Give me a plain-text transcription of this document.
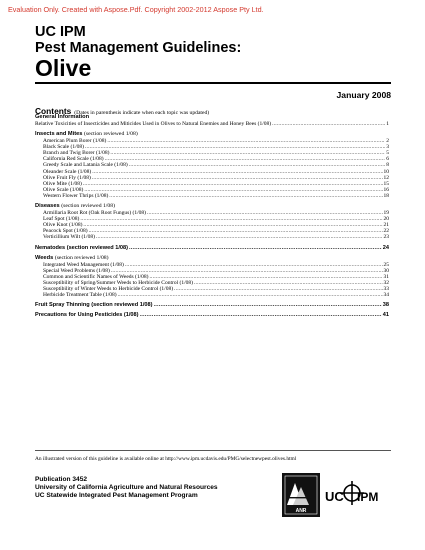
Evaluation Only. Created with Aspose.Pdf. Copyright 2002-2012 Aspose Pty Ltd.
UC IPM
Pest Management Guidelines:
Olive
January 2008
Contents (Dates in parenthesis indicate when each topic was updated)
General Information
Relative Toxicities of Insecticides and Miticides Used in Olives to Natural Enemies and Honey Bees (1/08) .....	1
Insects and Mites (section reviewed 1/08)
American Plum Borer (1/08) .....	2
Black Scale (1/08) .....	3
Branch and Twig Borer (1/08) .....	5
California Red Scale (1/08) .....	6
Greedy Scale and Latania Scale (1/08) .....	8
Oleander Scale (1/08) .....	10
Olive Fruit Fly (1/08) .....	12
Olive Mite (1/08) .....	15
Olive Scale (1/08) .....	16
Western Flower Thrips (1/08) .....	18
Diseases (section reviewed 1/08)
Armillaria Root Rot (Oak Root Fungus) (1/08) .....	19
Leaf Spot (1/08) .....	20
Olive Knot (1/08) .....	21
Peacock Spot (1/08) .....	22
Verticillium Wilt (1/08) .....	23
Nematodes (section reviewed 1/08) .....	24
Weeds (section reviewed 1/08)
Integrated Weed Management (1/08) .....	25
Special Weed Problems (1/08) .....	30
Common and Scientific Names of Weeds (1/08) .....	31
Susceptibility of Spring/Summer Weeds to Herbicide Control (1/08) .....	32
Susceptibility of Winter Weeds to Herbicide Control (1/08) .....	33
Herbicide Treatment Table (1/08) .....	34
Fruit Spray Thinning (section reviewed 1/08) .....	38
Precautions for Using Pesticides (1/08) .....	41
An illustrated version of this guideline is available online at http://www.ipm.ucdavis.edu/PMG/selectnewpest.olives.html
Publication 3452
University of California Agriculture and Natural Resources
UC Statewide Integrated Pest Management Program
ANR
UC IPM
